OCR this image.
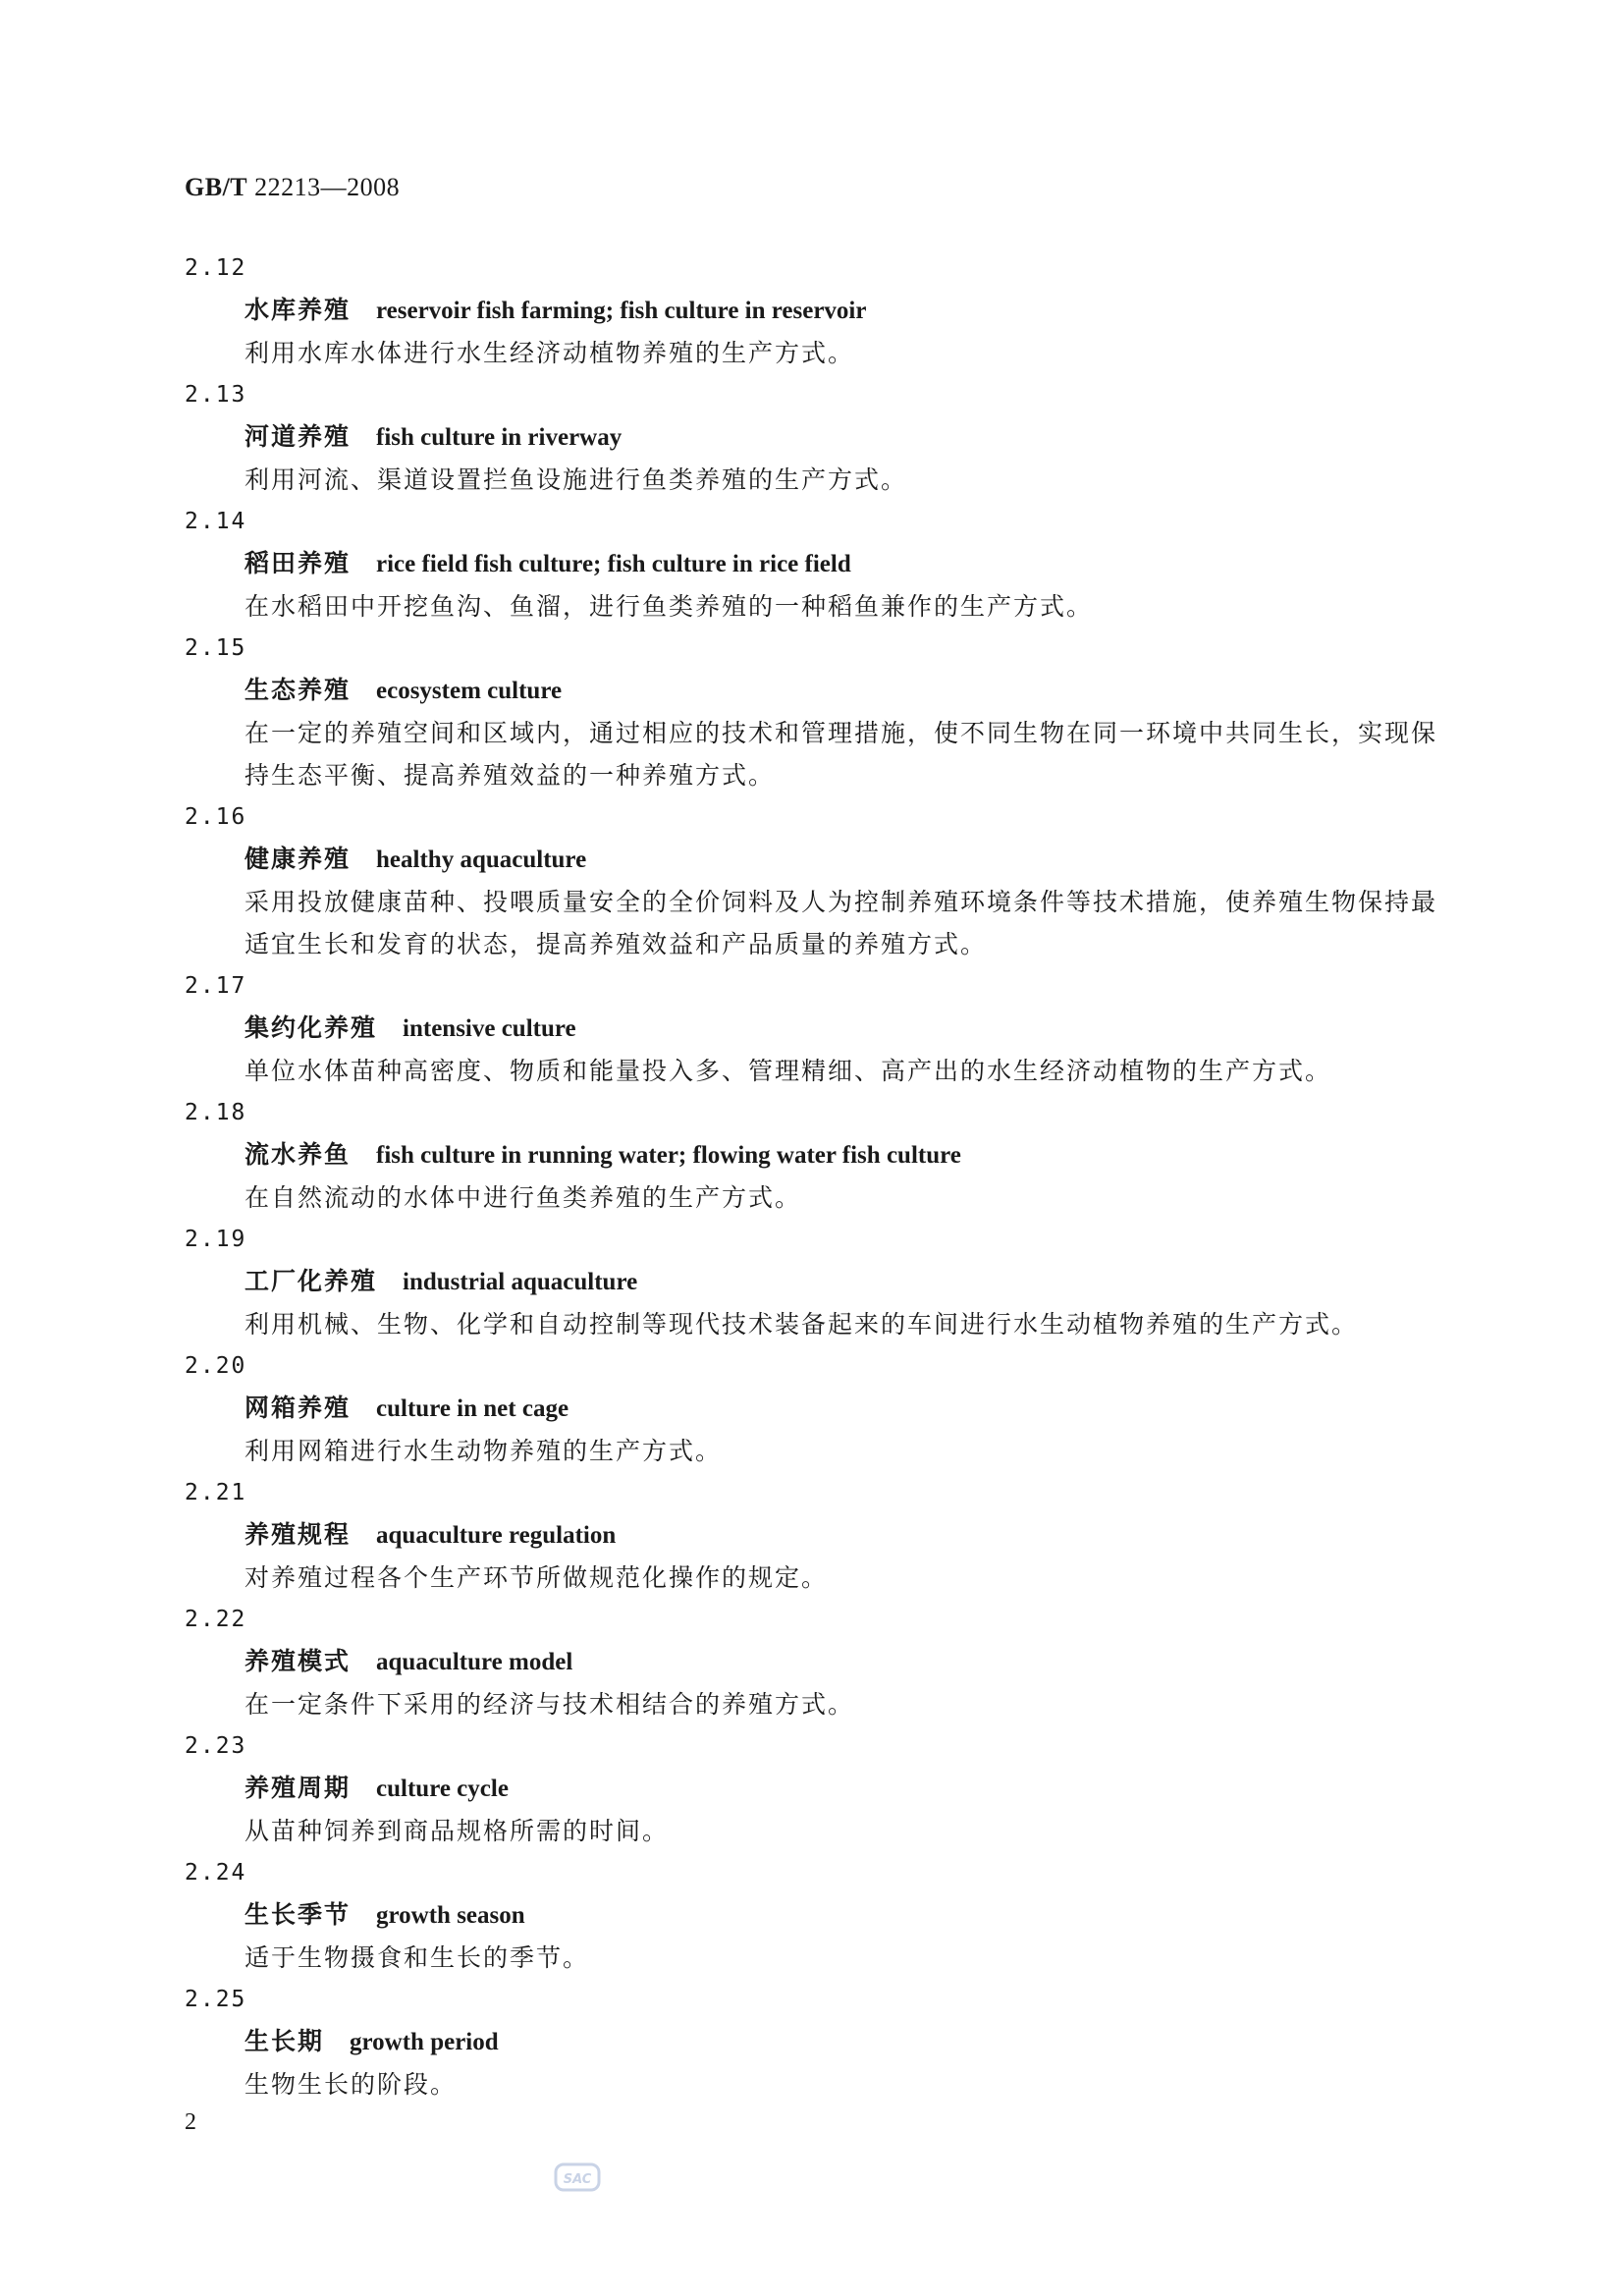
GB/T 22213—2008
2.12
水库养殖 reservoir fish farming; fish culture in reservoir
利用水库水体进行水生经济动植物养殖的生产方式。
2.13
河道养殖 fish culture in riverway
利用河流、渠道设置拦鱼设施进行鱼类养殖的生产方式。
2.14
稻田养殖 rice field fish culture; fish culture in rice field
在水稻田中开挖鱼沟、鱼溜，进行鱼类养殖的一种稻鱼兼作的生产方式。
2.15
生态养殖 ecosystem culture
在一定的养殖空间和区域内，通过相应的技术和管理措施，使不同生物在同一环境中共同生长，实现保持生态平衡、提高养殖效益的一种养殖方式。
2.16
健康养殖 healthy aquaculture
采用投放健康苗种、投喂质量安全的全价饲料及人为控制养殖环境条件等技术措施，使养殖生物保持最适宜生长和发育的状态，提高养殖效益和产品质量的养殖方式。
2.17
集约化养殖 intensive culture
单位水体苗种高密度、物质和能量投入多、管理精细、高产出的水生经济动植物的生产方式。
2.18
流水养鱼 fish culture in running water; flowing water fish culture
在自然流动的水体中进行鱼类养殖的生产方式。
2.19
工厂化养殖 industrial aquaculture
利用机械、生物、化学和自动控制等现代技术装备起来的车间进行水生动植物养殖的生产方式。
2.20
网箱养殖 culture in net cage
利用网箱进行水生动物养殖的生产方式。
2.21
养殖规程 aquaculture regulation
对养殖过程各个生产环节所做规范化操作的规定。
2.22
养殖模式 aquaculture model
在一定条件下采用的经济与技术相结合的养殖方式。
2.23
养殖周期 culture cycle
从苗种饲养到商品规格所需的时间。
2.24
生长季节 growth season
适于生物摄食和生长的季节。
2.25
生长期 growth period
生物生长的阶段。
2
SAC
